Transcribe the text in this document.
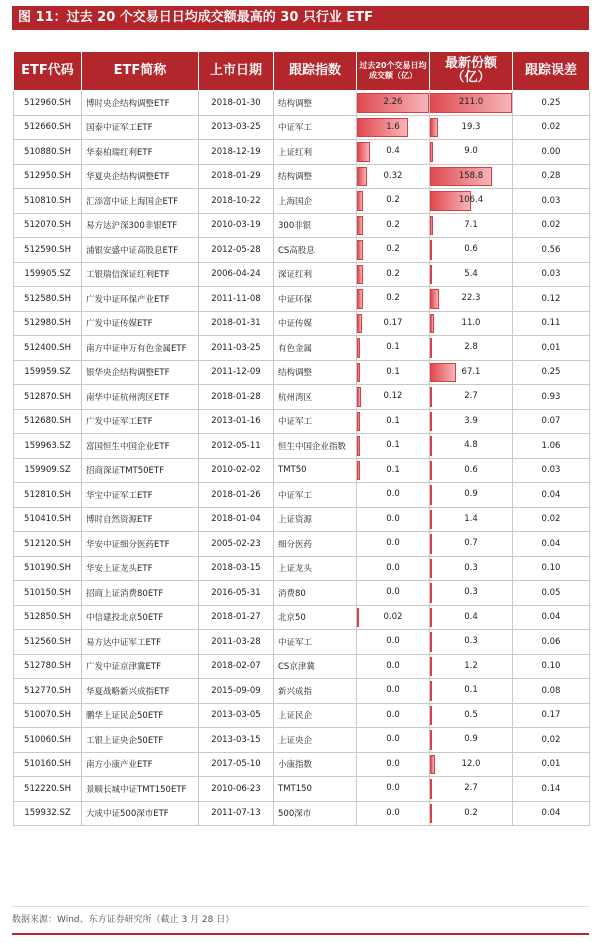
图 11：过去 20 个交易日日均成交额最高的 30 只行业 ETF
ETF代码	ETF简称	上市日期	跟踪指数	过去20个交易日均成交额（亿）	最新份额（亿）	跟踪误差
512960.SH	博时央企结构调整ETF	2018-01-30	结构调整	2.26	211.0	0.25
512660.SH	国泰中证军工ETF	2013-03-25	中证军工	1.6	19.3	0.02
510880.SH	华泰柏瑞红利ETF	2018-12-19	上证红利	0.4	9.0	0.00
512950.SH	华夏央企结构调整ETF	2018-01-29	结构调整	0.32	158.8	0.28
510810.SH	汇添富中证上海国企ETF	2018-10-22	上海国企	0.2	106.4	0.03
512070.SH	易方达沪深300非银ETF	2010-03-19	300非银	0.2	7.1	0.02
512590.SH	浦银安盛中证高股息ETF	2012-05-28	CS高股息	0.2	0.6	0.56
159905.SZ	工银瑞信深证红利ETF	2006-04-24	深证红利	0.2	5.4	0.03
512580.SH	广发中证环保产业ETF	2011-11-08	中证环保	0.2	22.3	0.12
512980.SH	广发中证传媒ETF	2018-01-31	中证传媒	0.17	11.0	0.11
512400.SH	南方中证申万有色金属ETF	2011-03-25	有色金属	0.1	2.8	0.01
159959.SZ	银华央企结构调整ETF	2011-12-09	结构调整	0.1	67.1	0.25
512870.SH	南华中证杭州湾区ETF	2018-01-28	杭州湾区	0.12	2.7	0.93
512680.SH	广发中证军工ETF	2013-01-16	中证军工	0.1	3.9	0.07
159963.SZ	富国恒生中国企业ETF	2012-05-11	恒生中国企业指数	0.1	4.8	1.06
159909.SZ	招商深证TMT50ETF	2010-02-02	TMT50	0.1	0.6	0.03
512810.SH	华宝中证军工ETF	2018-01-26	中证军工	0.0	0.9	0.04
510410.SH	博时自然资源ETF	2018-01-04	上证资源	0.0	1.4	0.02
512120.SH	华安中证细分医药ETF	2005-02-23	细分医药	0.0	0.7	0.04
510190.SH	华安上证龙头ETF	2018-03-15	上证龙头	0.0	0.3	0.10
510150.SH	招商上证消费80ETF	2016-05-31	消费80	0.0	0.3	0.05
512850.SH	中信建投北京50ETF	2018-01-27	北京50	0.02	0.4	0.04
512560.SH	易方达中证军工ETF	2011-03-28	中证军工	0.0	0.3	0.06
512780.SH	广发中证京津冀ETF	2018-02-07	CS京津冀	0.0	1.2	0.10
512770.SH	华夏战略新兴成指ETF	2015-09-09	新兴成指	0.0	0.1	0.08
510070.SH	鹏华上证民企50ETF	2013-03-05	上证民企	0.0	0.5	0.17
510060.SH	工银上证央企50ETF	2013-03-15	上证央企	0.0	0.9	0.02
510160.SH	南方小康产业ETF	2017-05-10	小康指数	0.0	12.0	0.01
512220.SH	景顺长城中证TMT150ETF	2010-06-23	TMT150	0.0	2.7	0.14
159932.SZ	大成中证500深市ETF	2011-07-13	500深市	0.0	0.2	0.04
数据来源：Wind、东方证券研究所（截止 3 月 28 日）
